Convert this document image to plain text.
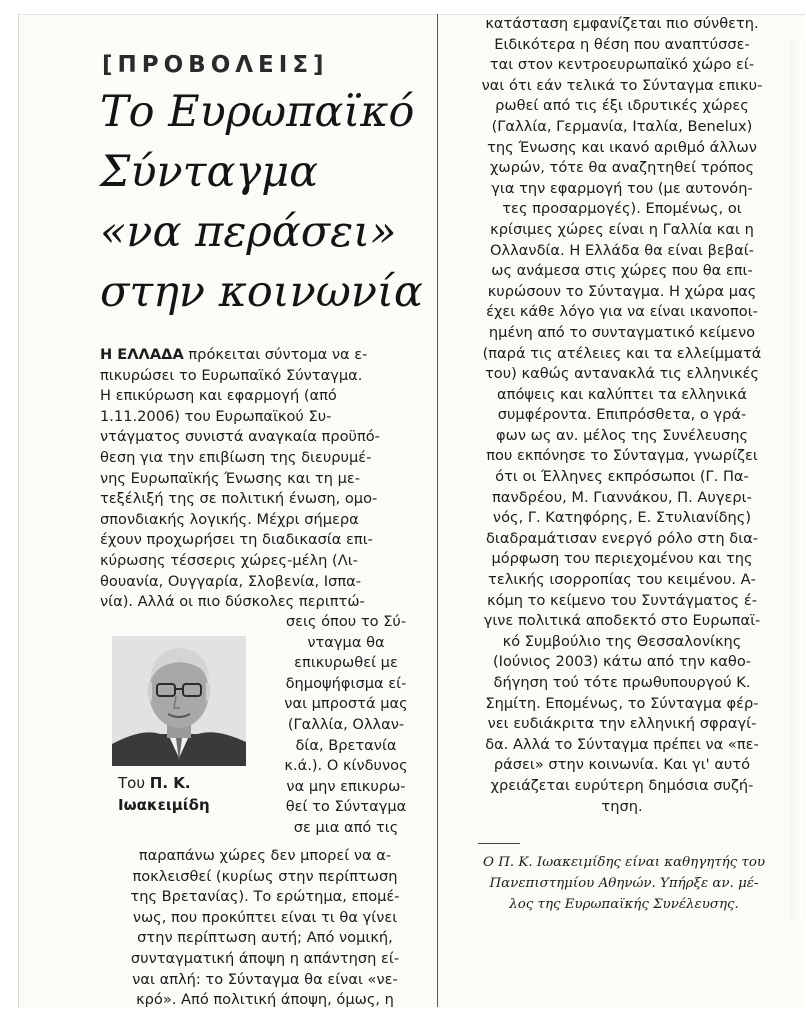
[ΠΡΟΒΟΛΕΙΣ]
Το Ευρωπαϊκό
Σύνταγμα
«να περάσει»
στην κοινωνία
Η ΕΛΛΑΔΑ πρόκειται σύντομα να ε-
πικυρώσει το Ευρωπαϊκό Σύνταγμα.
Η επικύρωση και εφαρμογή (από
1.11.2006) του Ευρωπαϊκού Συ-
ντάγματος συνιστά αναγκαία προϋπό-
θεση για την επιβίωση της διευρυμέ-
νης Ευρωπαϊκής Ένωσης και τη με-
τεξέλιξή της σε πολιτική ένωση, ομο-
σπονδιακής λογικής. Μέχρι σήμερα
έχουν προχωρήσει τη διαδικασία επι-
κύρωσης τέσσερις χώρες-μέλη (Λι-
θουανία, Ουγγαρία, Σλοβενία, Ισπα-
νία). Αλλά οι πιο δύσκολες περιπτώ-
Του Π. Κ.
Ιωακειμίδη
σεις όπου το Σύ-
νταγμα θα
επικυρωθεί με
δημοψήφισμα εί-
ναι μπροστά μας
(Γαλλία, Ολλαν-
δία, Βρετανία
κ.ά.). Ο κίνδυνος
να μην επικυρω-
θεί το Σύνταγμα
σε μια από τις
παραπάνω χώρες δεν μπορεί να α-
ποκλεισθεί (κυρίως στην περίπτωση
της Βρετανίας). Το ερώτημα, επομέ-
νως, που προκύπτει είναι τι θα γίνει
στην περίπτωση αυτή; Από νομική,
συνταγματική άποψη η απάντηση εί-
ναι απλή: το Σύνταγμα θα είναι «νε-
κρό». Από πολιτική άποψη, όμως, η
κατάσταση εμφανίζεται πιο σύνθετη.
Ειδικότερα η θέση που αναπτύσσε-
ται στον κεντροευρωπαϊκό χώρο εί-
ναι ότι εάν τελικά το Σύνταγμα επικυ-
ρωθεί από τις έξι ιδρυτικές χώρες
(Γαλλία, Γερμανία, Ιταλία, Benelux)
της Ένωσης και ικανό αριθμό άλλων
χωρών, τότε θα αναζητηθεί τρόπος
για την εφαρμογή του (με αυτονόη-
τες προσαρμογές). Επομένως, οι
κρίσιμες χώρες είναι η Γαλλία και η
Ολλανδία. Η Ελλάδα θα είναι βεβαί-
ως ανάμεσα στις χώρες που θα επι-
κυρώσουν το Σύνταγμα. Η χώρα μας
έχει κάθε λόγο για να είναι ικανοποι-
ημένη από το συνταγματικό κείμενο
(παρά τις ατέλειες και τα ελλείμματά
του) καθώς αντανακλά τις ελληνικές
απόψεις και καλύπτει τα ελληνικά
συμφέροντα. Επιπρόσθετα, ο γρά-
φων ως αν. μέλος της Συνέλευσης
που εκπόνησε το Σύνταγμα, γνωρίζει
ότι οι Έλληνες εκπρόσωποι (Γ. Πα-
πανδρέου, Μ. Γιαννάκου, Π. Αυγερι-
νός, Γ. Κατηφόρης, Ε. Στυλιανίδης)
διαδραμάτισαν ενεργό ρόλο στη δια-
μόρφωση του περιεχομένου και της
τελικής ισορροπίας του κειμένου. Α-
κόμη το κείμενο του Συντάγματος έ-
γινε πολιτικά αποδεκτό στο Ευρωπαϊ-
κό Συμβούλιο της Θεσσαλονίκης
(Ιούνιος 2003) κάτω από την καθο-
δήγηση τού τότε πρωθυπουργού Κ.
Σημίτη. Επομένως, το Σύνταγμα φέρ-
νει ευδιάκριτα την ελληνική σφραγί-
δα. Αλλά το Σύνταγμα πρέπει να «πε-
ράσει» στην κοινωνία. Και γι' αυτό
χρειάζεται ευρύτερη δημόσια συζή-
τηση.
Ο Π. Κ. Ιωακειμίδης είναι καθηγητής του
Πανεπιστημίου Αθηνών. Υπήρξε αν. μέ-
λος της Ευρωπαϊκής Συνέλευσης.
